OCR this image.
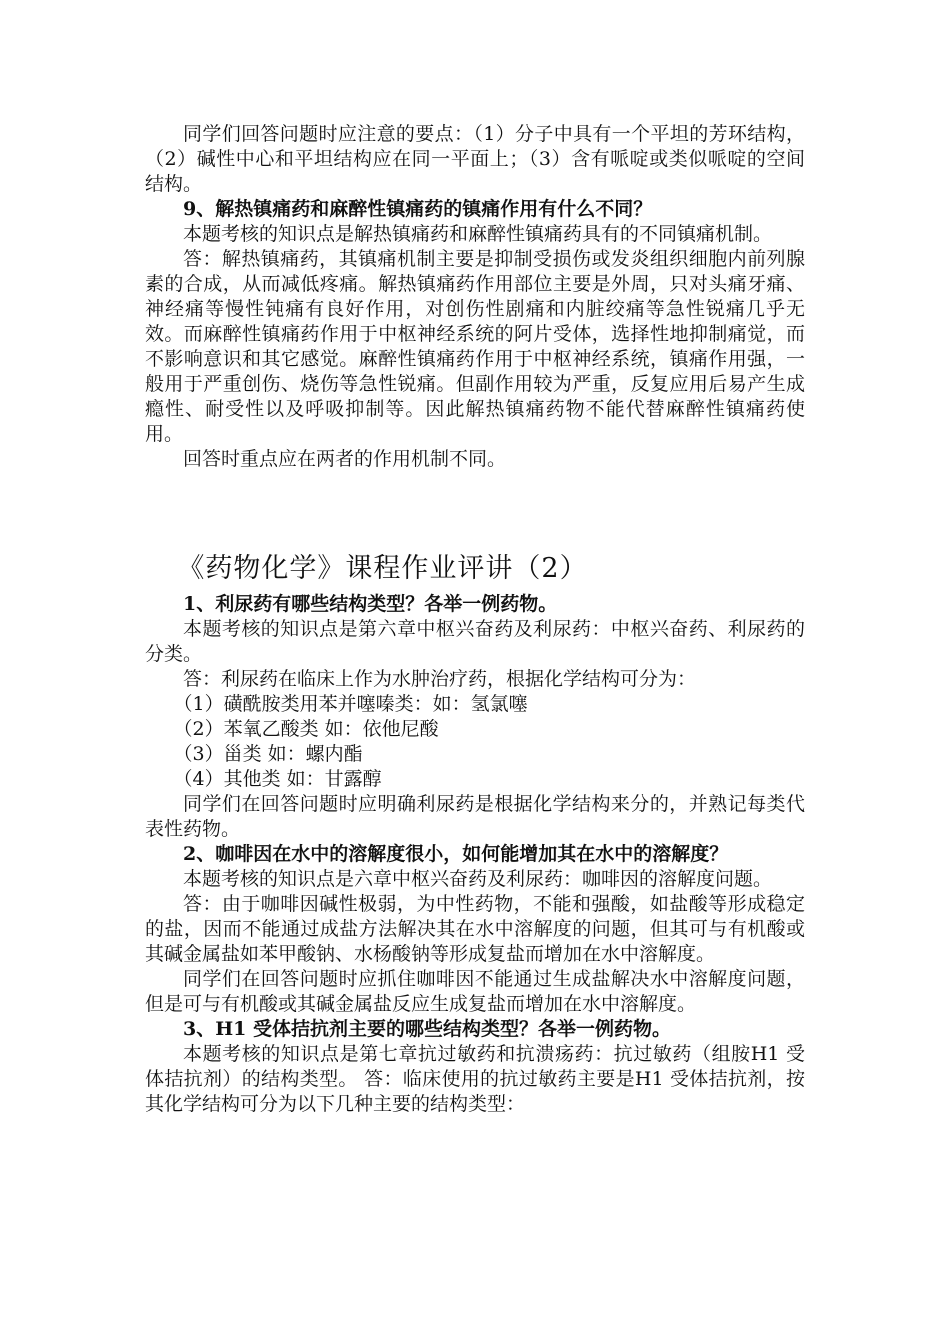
同学们回答问题时应注意的要点：（1）分子中具有一个平坦的芳环结构，（2）碱性中心和平坦结构应在同一平面上；（3）含有哌啶或类似哌啶的空间结构。

9、解热镇痛药和麻醉性镇痛药的镇痛作用有什么不同？

本题考核的知识点是解热镇痛药和麻醉性镇痛药具有的不同镇痛机制。

答：解热镇痛药，其镇痛机制主要是抑制受损伤或发炎组织细胞内前列腺素的合成，从而减低疼痛。解热镇痛药作用部位主要是外周，只对头痛牙痛、神经痛等慢性钝痛有良好作用，对创伤性剧痛和内脏绞痛等急性锐痛几乎无效。而麻醉性镇痛药作用于中枢神经系统的阿片受体，选择性地抑制痛觉，而不影响意识和其它感觉。麻醉性镇痛药作用于中枢神经系统，镇痛作用强，一般用于严重创伤、烧伤等急性锐痛。但副作用较为严重，反复应用后易产生成瘾性、耐受性以及呼吸抑制等。因此解热镇痛药物不能代替麻醉性镇痛药使用。

回答时重点应在两者的作用机制不同。

《药物化学》课程作业评讲（2）

1、利尿药有哪些结构类型？各举一例药物。

本题考核的知识点是第六章中枢兴奋药及利尿药：中枢兴奋药、利尿药的分类。

答：利尿药在临床上作为水肿治疗药，根据化学结构可分为：

（1）磺酰胺类用苯并噻嗪类：如：氢氯噻

（2）苯氧乙酸类 如：依他尼酸

（3）甾类 如：螺内酯

（4）其他类 如：甘露醇

同学们在回答问题时应明确利尿药是根据化学结构来分的，并熟记每类代表性药物。

2、咖啡因在水中的溶解度很小，如何能增加其在水中的溶解度？

本题考核的知识点是六章中枢兴奋药及利尿药：咖啡因的溶解度问题。

答：由于咖啡因碱性极弱，为中性药物，不能和强酸，如盐酸等形成稳定的盐，因而不能通过成盐方法解决其在水中溶解度的问题，但其可与有机酸或其碱金属盐如苯甲酸钠、水杨酸钠等形成复盐而增加在水中溶解度。

同学们在回答问题时应抓住咖啡因不能通过生成盐解决水中溶解度问题，但是可与有机酸或其碱金属盐反应生成复盐而增加在水中溶解度。

3、H1 受体拮抗剂主要的哪些结构类型？各举一例药物。

本题考核的知识点是第七章抗过敏药和抗溃疡药：抗过敏药（组胺H1 受体拮抗剂）的结构类型。 答：临床使用的抗过敏药主要是H1 受体拮抗剂，按其化学结构可分为以下几种主要的结构类型：
